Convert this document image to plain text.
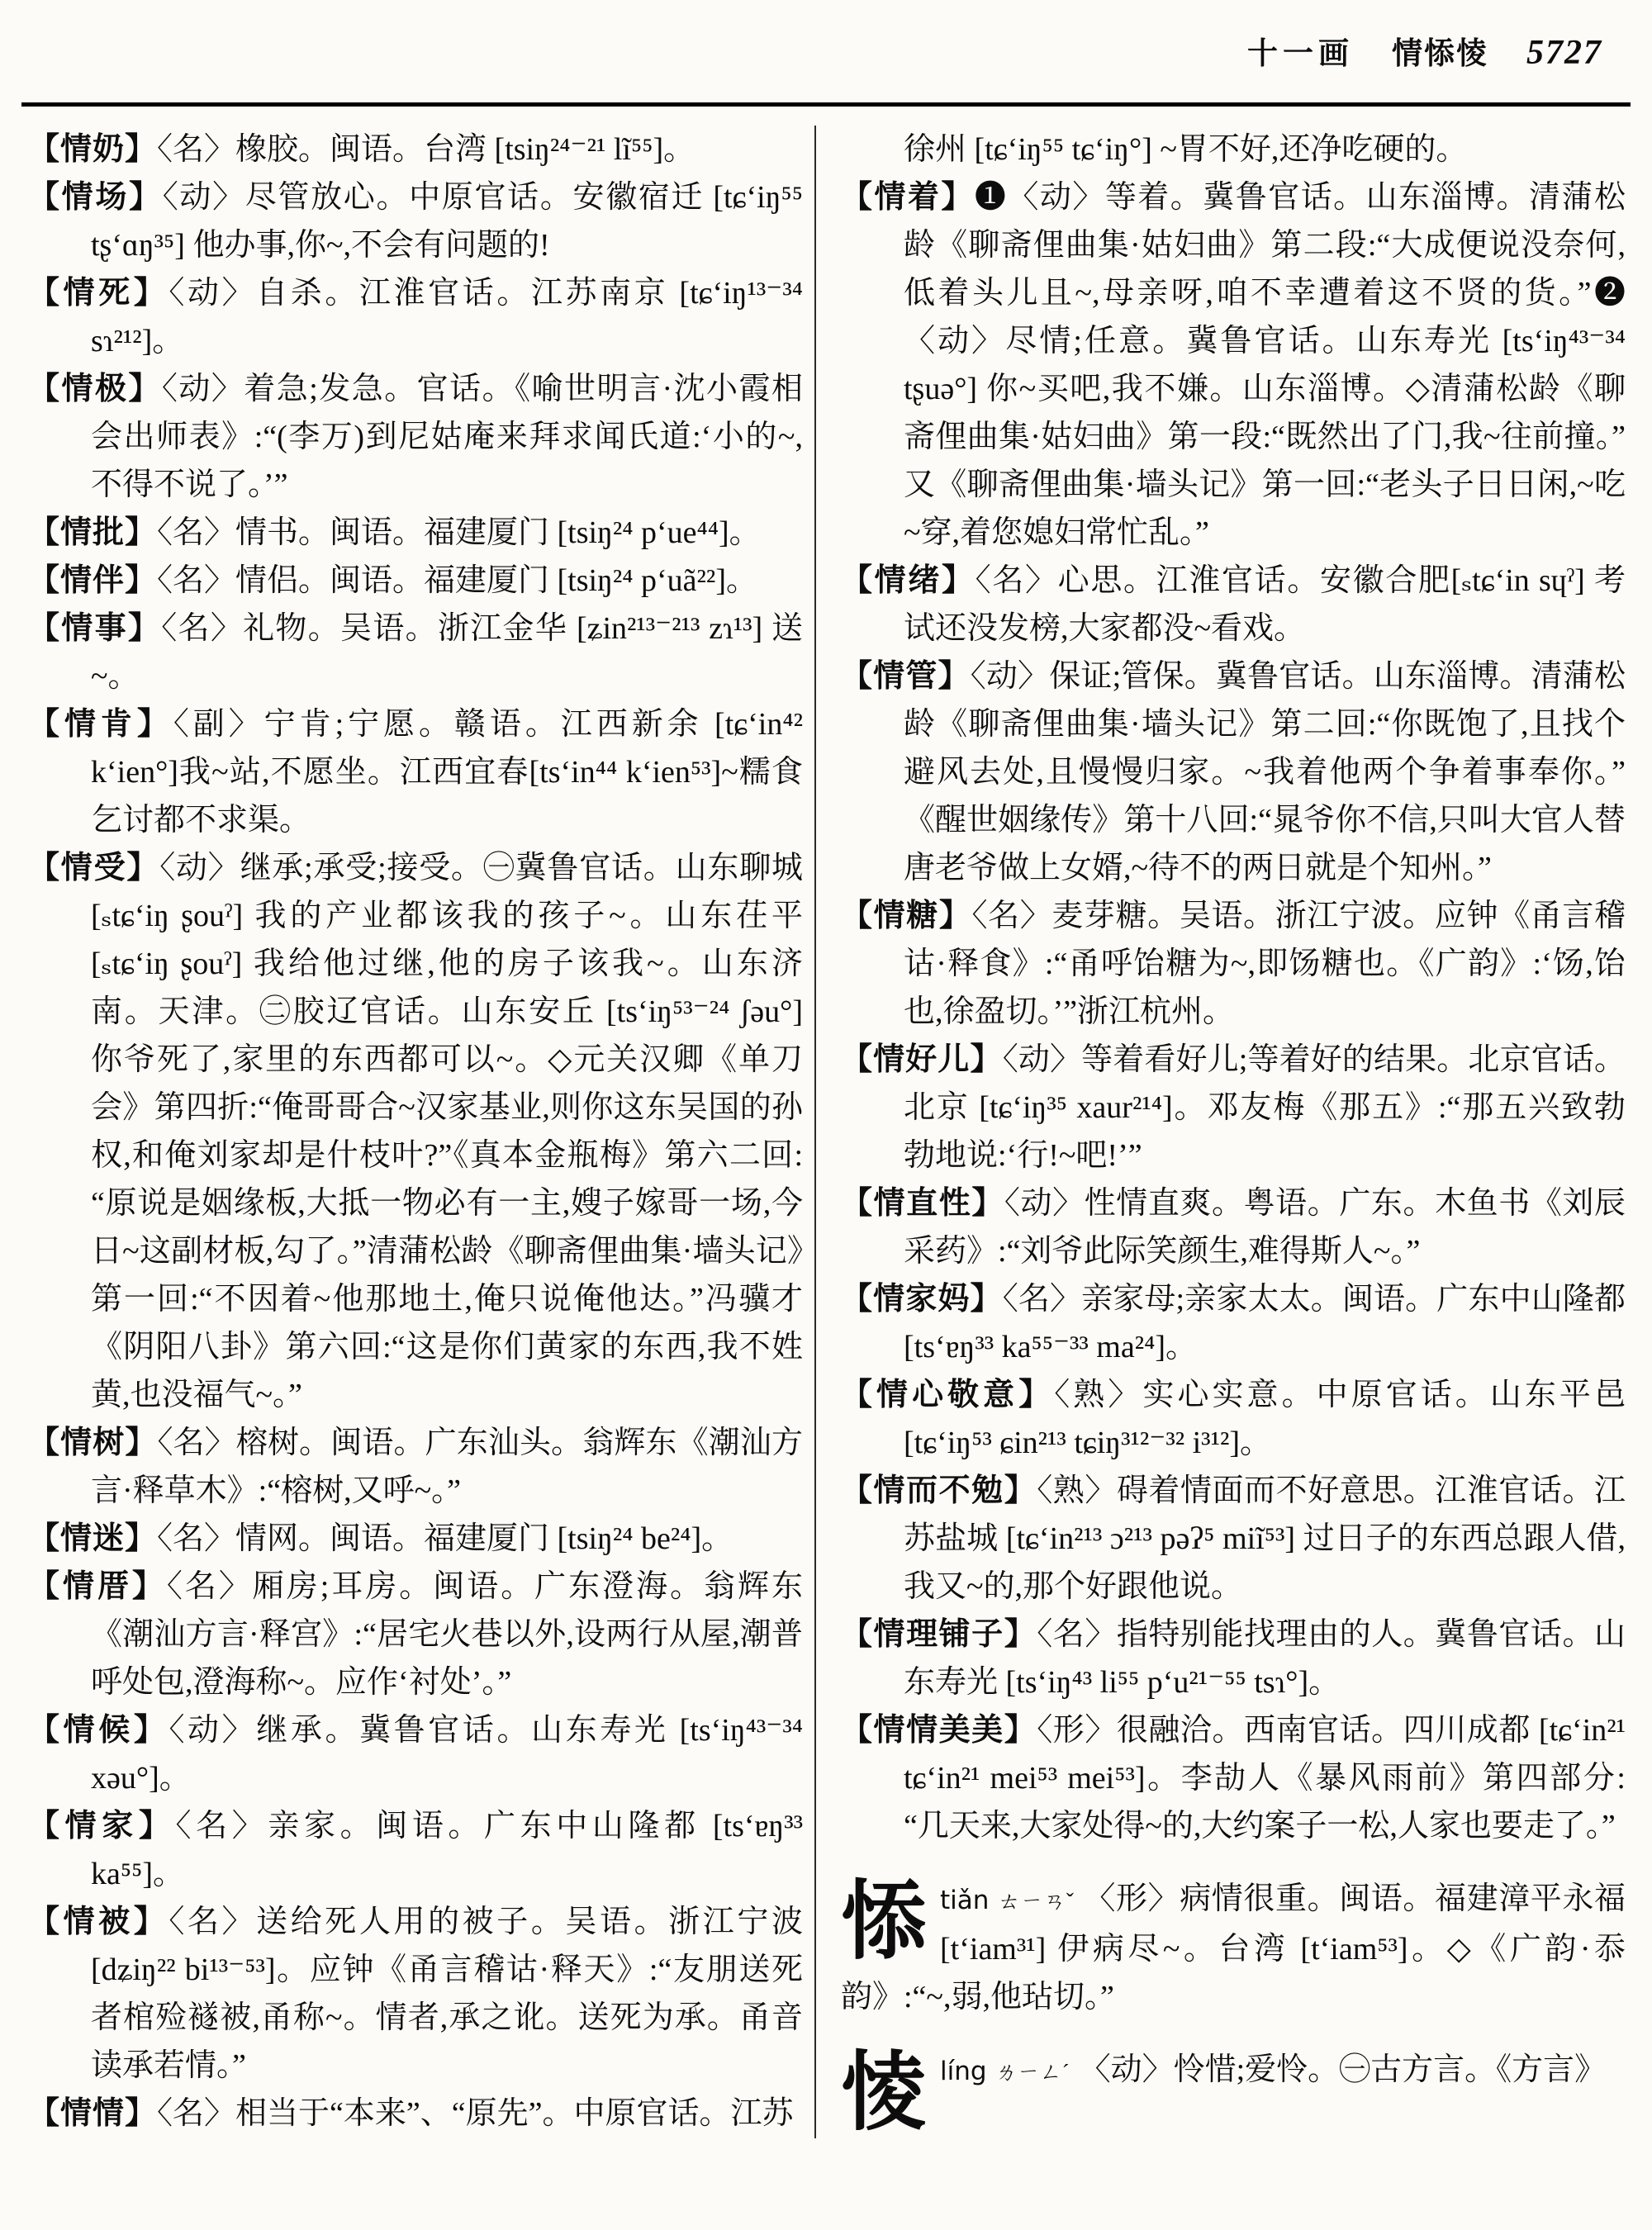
十一画 情悿㥄 5727

【情奶】〈名〉橡胶。闽语。台湾 [tsiŋ²⁴⁻²¹ lĩ⁵⁵]。

【情场】〈动〉尽管放心。中原官话。安徽宿迁 [tɕ‘iŋ⁵⁵ tʂ‘ɑŋ³⁵] 他办事,你~,不会有问题的!

【情死】〈动〉自杀。江淮官话。江苏南京 [tɕ‘iŋ¹³⁻³⁴ sɿ²¹²]。

【情极】〈动〉着急;发急。官话。《喻世明言·沈小霞相会出师表》:“(李万)到尼姑庵来拜求闻氏道:‘小的~,不得不说了。’”

【情批】〈名〉情书。闽语。福建厦门 [tsiŋ²⁴ p‘ue⁴⁴]。

【情伴】〈名〉情侣。闽语。福建厦门 [tsiŋ²⁴ p‘uã²²]。

【情事】〈名〉礼物。吴语。浙江金华 [ʑin²¹³⁻²¹³ zɿ¹³] 送~。

【情肯】〈副〉宁肯;宁愿。赣语。江西新余 [tɕ‘in⁴² k‘ien°]我~站,不愿坐。江西宜春[ts‘in⁴⁴ k‘ien⁵³]~糯食乞讨都不求渠。

【情受】〈动〉继承;承受;接受。㊀冀鲁官话。山东聊城 [ₛtɕ‘iŋ ʂouˀ] 我的产业都该我的孩子~。山东茌平 [ₛtɕ‘iŋ ʂouˀ] 我给他过继,他的房子该我~。山东济南。天津。㊁胶辽官话。山东安丘 [ts‘iŋ⁵³⁻²⁴ ʃəu°] 你爷死了,家里的东西都可以~。◇元关汉卿《单刀会》第四折:“俺哥哥合~汉家基业,则你这东吴国的孙权,和俺刘家却是什枝叶?”《真本金瓶梅》第六二回:“原说是姻缘板,大抵一物必有一主,嫂子嫁哥一场,今日~这副材板,勾了。”清蒲松龄《聊斋俚曲集·墙头记》第一回:“不因着~他那地土,俺只说俺他达。”冯骥才《阴阳八卦》第六回:“这是你们黄家的东西,我不姓黄,也没福气~。”

【情树】〈名〉榕树。闽语。广东汕头。翁辉东《潮汕方言·释草木》:“榕树,又呼~。”

【情迷】〈名〉情网。闽语。福建厦门 [tsiŋ²⁴ be²⁴]。

【情厝】〈名〉厢房;耳房。闽语。广东澄海。翁辉东《潮汕方言·释宫》:“居宅火巷以外,设两行从屋,潮普呼处包,澄海称~。应作‘衬处’。”

【情候】〈动〉继承。冀鲁官话。山东寿光 [ts‘iŋ⁴³⁻³⁴ xəu°]。

【情家】〈名〉亲家。闽语。广东中山隆都 [ts‘ɐŋ³³ ka⁵⁵]。

【情被】〈名〉送给死人用的被子。吴语。浙江宁波 [dʑiŋ²² bi¹³⁻⁵³]。应钟《甬言稽诂·释天》:“友朋送死者棺殓襚被,甬称~。情者,承之讹。送死为承。甬音读承若情。”

【情情】〈名〉相当于“本来”、“原先”。中原官话。江苏

徐州 [tɕ‘iŋ⁵⁵ tɕ‘iŋ°] ~胃不好,还净吃硬的。

【情着】❶〈动〉等着。冀鲁官话。山东淄博。清蒲松龄《聊斋俚曲集·姑妇曲》第二段:“大成便说没奈何,低着头儿且~,母亲呀,咱不幸遭着这不贤的货。”❷〈动〉尽情;任意。冀鲁官话。山东寿光 [ts‘iŋ⁴³⁻³⁴ tʂuə°] 你~买吧,我不嫌。山东淄博。◇清蒲松龄《聊斋俚曲集·姑妇曲》第一段:“既然出了门,我~往前撞。”又《聊斋俚曲集·墙头记》第一回:“老头子日日闲,~吃~穿,着您媳妇常忙乱。”

【情绪】〈名〉心思。江淮官话。安徽合肥[ₛtɕ‘in sɥˀ] 考试还没发榜,大家都没~看戏。

【情管】〈动〉保证;管保。冀鲁官话。山东淄博。清蒲松龄《聊斋俚曲集·墙头记》第二回:“你既饱了,且找个避风去处,且慢慢归家。~我着他两个争着事奉你。”《醒世姻缘传》第十八回:“晁爷你不信,只叫大官人替唐老爷做上女婿,~待不的两日就是个知州。”

【情糖】〈名〉麦芽糖。吴语。浙江宁波。应钟《甬言稽诂·释食》:“甬呼饴糖为~,即饧糖也。《广韵》:‘饧,饴也,徐盈切。’”浙江杭州。

【情好儿】〈动〉等着看好儿;等着好的结果。北京官话。北京 [tɕ‘iŋ³⁵ xaur²¹⁴]。邓友梅《那五》:“那五兴致勃勃地说:‘行!~吧!’”

【情直性】〈动〉性情直爽。粤语。广东。木鱼书《刘辰采药》:“刘爷此际笑颜生,难得斯人~。”

【情家妈】〈名〉亲家母;亲家太太。闽语。广东中山隆都 [ts‘ɐŋ³³ ka⁵⁵⁻³³ ma²⁴]。

【情心敬意】〈熟〉实心实意。中原官话。山东平邑 [tɕ‘iŋ⁵³ ɕin²¹³ tɕiŋ³¹²⁻³² i³¹²]。

【情而不勉】〈熟〉碍着情面而不好意思。江淮官话。江苏盐城 [tɕ‘in²¹³ ɔ²¹³ pəʔ⁵ miĩ⁵³] 过日子的东西总跟人借,我又~的,那个好跟他说。

【情理铺子】〈名〉指特别能找理由的人。冀鲁官话。山东寿光 [ts‘iŋ⁴³ li⁵⁵ p‘u²¹⁻⁵⁵ tsɿ°]。

【情情美美】〈形〉很融洽。西南官话。四川成都 [tɕ‘in²¹ tɕ‘in²¹ mei⁵³ mei⁵³]。李劼人《暴风雨前》第四部分:“几天来,大家处得~的,大约案子一松,人家也要走了。”

悿tiǎn ㄊㄧㄢˇ 〈形〉病情很重。闽语。福建漳平永福 [t‘iam³¹] 伊病尽~。台湾 [t‘iam⁵³]。◇《广韵·忝韵》:“~,弱,他玷切。”

㥄líng ㄌㄧㄥˊ 〈动〉怜惜;爱怜。㊀古方言。《方言》
